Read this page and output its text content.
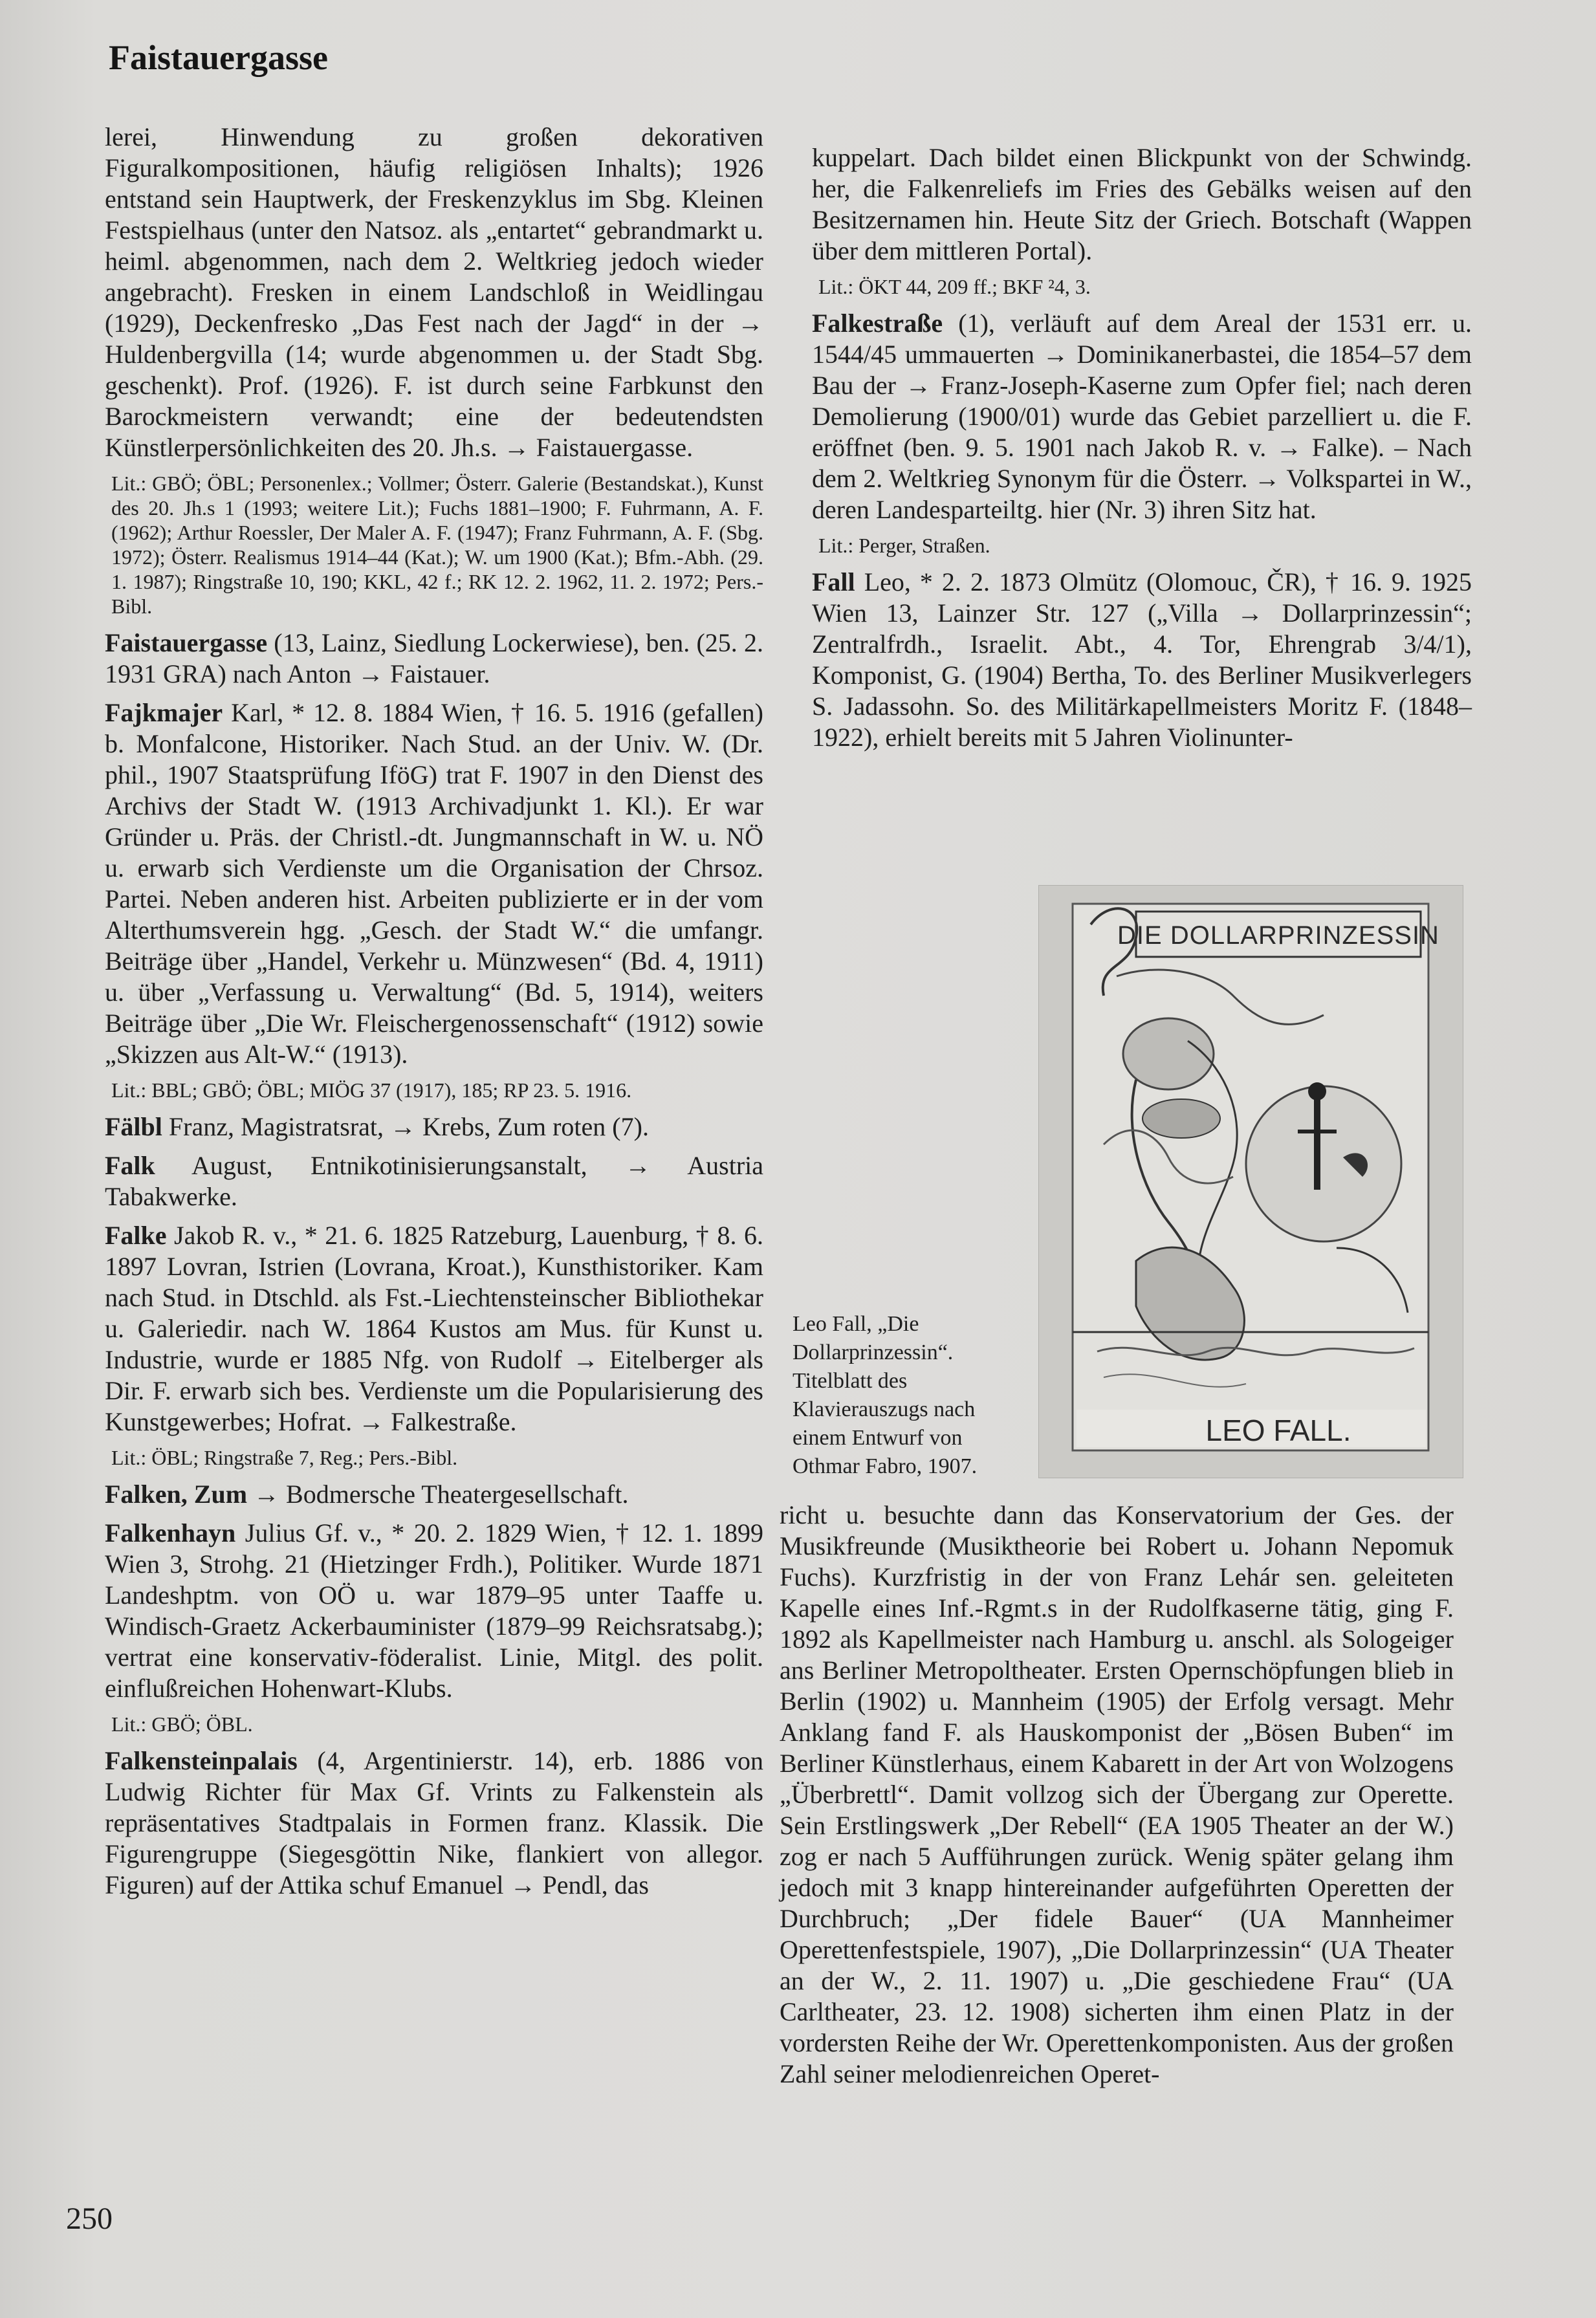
Faistauergasse

lerei, Hinwendung zu großen dekorativen Figuralkompositionen, häufig religiösen Inhalts); 1926 entstand sein Hauptwerk, der Freskenzyklus im Sbg. Kleinen Festspielhaus (unter den Natsoz. als „entartet“ gebrandmarkt u. heiml. abgenommen, nach dem 2. Weltkrieg jedoch wieder angebracht). Fresken in einem Landschloß in Weidlingau (1929), Deckenfresko „Das Fest nach der Jagd“ in der → Huldenbergvilla (14; wurde abgenommen u. der Stadt Sbg. geschenkt). Prof. (1926). F. ist durch seine Farbkunst den Barockmeistern verwandt; eine der bedeutendsten Künstlerpersönlichkeiten des 20. Jh.s. → Faistauergasse.

Lit.: GBÖ; ÖBL; Personenlex.; Vollmer; Österr. Galerie (Bestandskat.), Kunst des 20. Jh.s 1 (1993; weitere Lit.); Fuchs 1881–1900; F. Fuhrmann, A. F. (1962); Arthur Roessler, Der Maler A. F. (1947); Franz Fuhrmann, A. F. (Sbg. 1972); Österr. Realismus 1914–44 (Kat.); W. um 1900 (Kat.); Bfm.-Abh. (29. 1. 1987); Ringstraße 10, 190; KKL, 42 f.; RK 12. 2. 1962, 11. 2. 1972; Pers.-Bibl.

Faistauergasse (13, Lainz, Siedlung Lockerwiese), ben. (25. 2. 1931 GRA) nach Anton → Faistauer.

Fajkmajer Karl, * 12. 8. 1884 Wien, † 16. 5. 1916 (gefallen) b. Monfalcone, Historiker. Nach Stud. an der Univ. W. (Dr. phil., 1907 Staatsprüfung IföG) trat F. 1907 in den Dienst des Archivs der Stadt W. (1913 Archivadjunkt 1. Kl.). Er war Gründer u. Präs. der Christl.-dt. Jungmannschaft in W. u. NÖ u. erwarb sich Verdienste um die Organisation der Chrsoz. Partei. Neben anderen hist. Arbeiten publizierte er in der vom Alterthumsverein hgg. „Gesch. der Stadt W.“ die umfangr. Beiträge über „Handel, Verkehr u. Münzwesen“ (Bd. 4, 1911) u. über „Verfassung u. Verwaltung“ (Bd. 5, 1914), weiters Beiträge über „Die Wr. Fleischergenossenschaft“ (1912) sowie „Skizzen aus Alt-W.“ (1913).

Lit.: BBL; GBÖ; ÖBL; MIÖG 37 (1917), 185; RP 23. 5. 1916.

Fälbl Franz, Magistratsrat, → Krebs, Zum roten (7).

Falk August, Entnikotinisierungsanstalt, → Austria Tabakwerke.

Falke Jakob R. v., * 21. 6. 1825 Ratzeburg, Lauenburg, † 8. 6. 1897 Lovran, Istrien (Lovrana, Kroat.), Kunsthistoriker. Kam nach Stud. in Dtschld. als Fst.-Liechtensteinscher Bibliothekar u. Galeriedir. nach W. 1864 Kustos am Mus. für Kunst u. Industrie, wurde er 1885 Nfg. von Rudolf → Eitelberger als Dir. F. erwarb sich bes. Verdienste um die Popularisierung des Kunstgewerbes; Hofrat. → Falkestraße.

Lit.: ÖBL; Ringstraße 7, Reg.; Pers.-Bibl.

Falken, Zum → Bodmersche Theatergesellschaft.

Falkenhayn Julius Gf. v., * 20. 2. 1829 Wien, † 12. 1. 1899 Wien 3, Strohg. 21 (Hietzinger Frdh.), Politiker. Wurde 1871 Landeshptm. von OÖ u. war 1879–95 unter Taaffe u. Windisch-Graetz Ackerbauminister (1879–99 Reichsratsabg.); vertrat eine konservativ-föderalist. Linie, Mitgl. des polit. einflußreichen Hohenwart-Klubs.

Lit.: GBÖ; ÖBL.

Falkensteinpalais (4, Argentinierstr. 14), erb. 1886 von Ludwig Richter für Max Gf. Vrints zu Falkenstein als repräsentatives Stadtpalais in Formen franz. Klassik. Die Figurengruppe (Siegesgöttin Nike, flankiert von allegor. Figuren) auf der Attika schuf Emanuel → Pendl, das

kuppelart. Dach bildet einen Blickpunkt von der Schwindg. her, die Falkenreliefs im Fries des Gebälks weisen auf den Besitzernamen hin. Heute Sitz der Griech. Botschaft (Wappen über dem mittleren Portal).

Lit.: ÖKT 44, 209 ff.; BKF ²4, 3.

Falkestraße (1), verläuft auf dem Areal der 1531 err. u. 1544/45 ummauerten → Dominikanerbastei, die 1854–57 dem Bau der → Franz-Joseph-Kaserne zum Opfer fiel; nach deren Demolierung (1900/01) wurde das Gebiet parzelliert u. die F. eröffnet (ben. 9. 5. 1901 nach Jakob R. v. → Falke). – Nach dem 2. Weltkrieg Synonym für die Österr. → Volkspartei in W., deren Landesparteiltg. hier (Nr. 3) ihren Sitz hat.

Lit.: Perger, Straßen.

Fall Leo, * 2. 2. 1873 Olmütz (Olomouc, ČR), † 16. 9. 1925 Wien 13, Lainzer Str. 127 („Villa → Dollarprinzessin“; Zentralfrdh., Israelit. Abt., 4. Tor, Ehrengrab 3/4/1), Komponist, G. (1904) Bertha, To. des Berliner Musikverlegers S. Jadassohn. So. des Militärkapellmeisters Moritz F. (1848–1922), erhielt bereits mit 5 Jahren Violinunter-

DIE DOLLARPRINZESSIN
LEO FALL.
Leo Fall, „Die Dollarprinzessin“. Titelblatt des Klavierauszugs nach einem Entwurf von Othmar Fabro, 1907.

richt u. besuchte dann das Konservatorium der Ges. der Musikfreunde (Musiktheorie bei Robert u. Johann Nepomuk Fuchs). Kurzfristig in der von Franz Lehár sen. geleiteten Kapelle eines Inf.-Rgmt.s in der Rudolfkaserne tätig, ging F. 1892 als Kapellmeister nach Hamburg u. anschl. als Sologeiger ans Berliner Metropoltheater. Ersten Opernschöpfungen blieb in Berlin (1902) u. Mannheim (1905) der Erfolg versagt. Mehr Anklang fand F. als Hauskomponist der „Bösen Buben“ im Berliner Künstlerhaus, einem Kabarett in der Art von Wolzogens „Überbrettl“. Damit vollzog sich der Übergang zur Operette. Sein Erstlingswerk „Der Rebell“ (EA 1905 Theater an der W.) zog er nach 5 Aufführungen zurück. Wenig später gelang ihm jedoch mit 3 knapp hintereinander aufgeführten Operetten der Durchbruch; „Der fidele Bauer“ (UA Mannheimer Operettenfestspiele, 1907), „Die Dollarprinzessin“ (UA Theater an der W., 2. 11. 1907) u. „Die geschiedene Frau“ (UA Carltheater, 23. 12. 1908) sicherten ihm einen Platz in der vordersten Reihe der Wr. Operettenkomponisten. Aus der großen Zahl seiner melodienreichen Operet-

250
